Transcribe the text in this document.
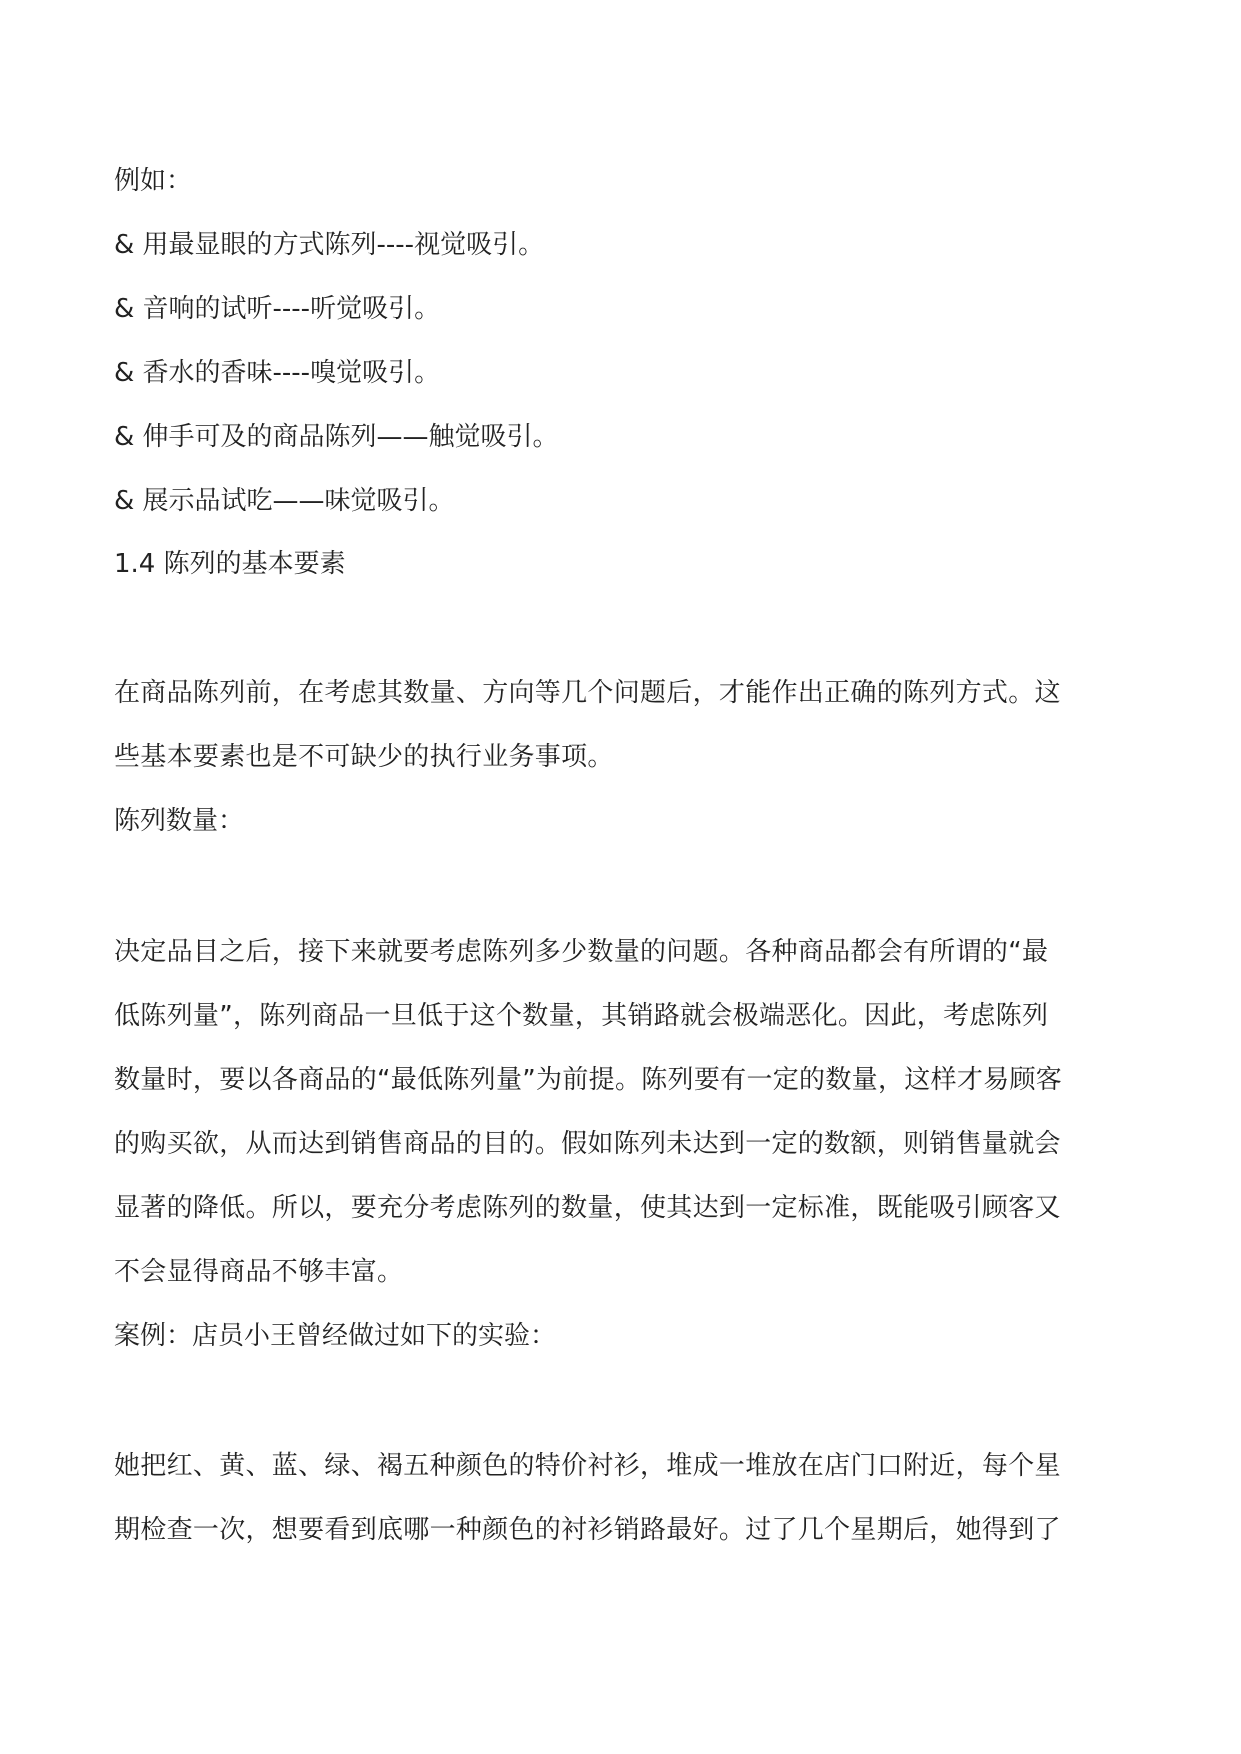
例如：
& 用最显眼的方式陈列----视觉吸引。
& 音响的试听----听觉吸引。
& 香水的香味----嗅觉吸引。
& 伸手可及的商品陈列——触觉吸引。
& 展示品试吃——味觉吸引。
1.4 陈列的基本要素
在商品陈列前，在考虑其数量、方向等几个问题后，才能作出正确的陈列方式。这
些基本要素也是不可缺少的执行业务事项。
陈列数量：
决定品目之后，接下来就要考虑陈列多少数量的问题。各种商品都会有所谓的“最
低陈列量”，陈列商品一旦低于这个数量，其销路就会极端恶化。因此，考虑陈列
数量时，要以各商品的“最低陈列量”为前提。陈列要有一定的数量，这样才易顾客
的购买欲，从而达到销售商品的目的。假如陈列未达到一定的数额，则销售量就会
显著的降低。所以，要充分考虑陈列的数量，使其达到一定标准，既能吸引顾客又
不会显得商品不够丰富。
案例：店员小王曾经做过如下的实验：
她把红、黄、蓝、绿、褐五种颜色的特价衬衫，堆成一堆放在店门口附近，每个星
期检查一次，想要看到底哪一种颜色的衬衫销路最好。过了几个星期后，她得到了
